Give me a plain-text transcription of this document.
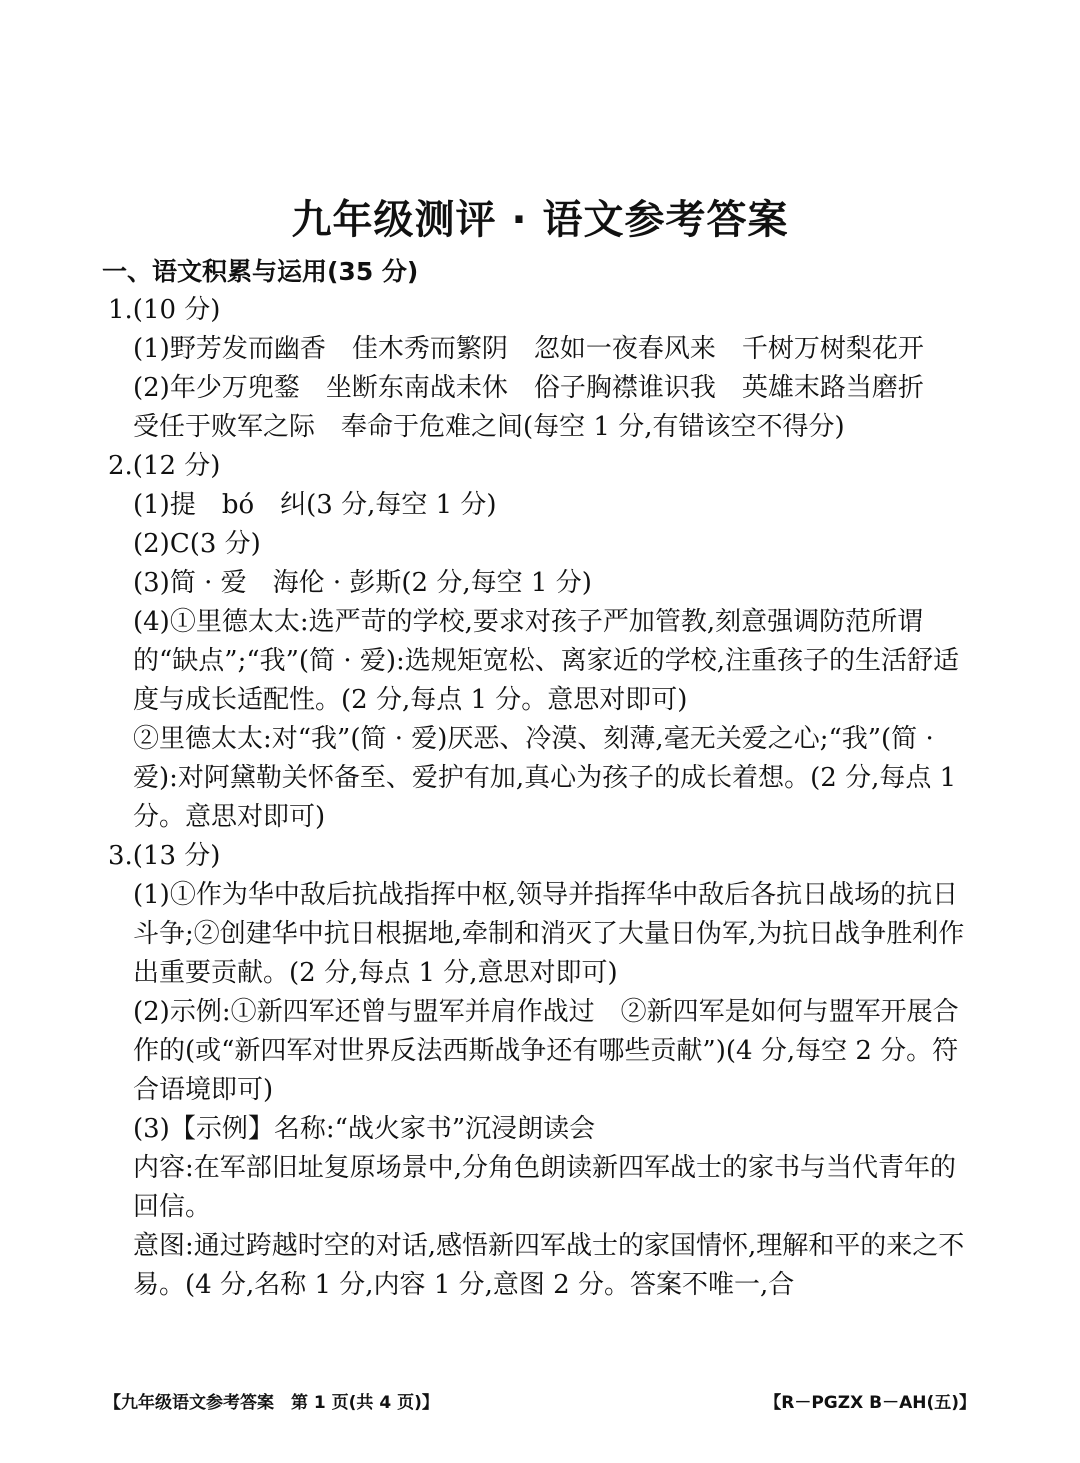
九年级测评 · 语文参考答案
一、语文积累与运用(35 分)
1.(10 分)
(1)野芳发而幽香　佳木秀而繁阴　忽如一夜春风来　千树万树梨花开
(2)年少万兜鍪　坐断东南战未休　俗子胸襟谁识我　英雄末路当磨折　受任于败军之际　奉命于危难之间(每空 1 分,有错该空不得分)
2.(12 分)
(1)提　bó　纠(3 分,每空 1 分)
(2)C(3 分)
(3)简 · 爱　海伦 · 彭斯(2 分,每空 1 分)
(4)①里德太太:选严苛的学校,要求对孩子严加管教,刻意强调防范所谓的“缺点”;“我”(简 · 爱):选规矩宽松、离家近的学校,注重孩子的生活舒适度与成长适配性。(2 分,每点 1 分。意思对即可)
②里德太太:对“我”(简 · 爱)厌恶、冷漠、刻薄,毫无关爱之心;“我”(简 · 爱):对阿黛勒关怀备至、爱护有加,真心为孩子的成长着想。(2 分,每点 1 分。意思对即可)
3.(13 分)
(1)①作为华中敌后抗战指挥中枢,领导并指挥华中敌后各抗日战场的抗日斗争;②创建华中抗日根据地,牵制和消灭了大量日伪军,为抗日战争胜利作出重要贡献。(2 分,每点 1 分,意思对即可)
(2)示例:①新四军还曾与盟军并肩作战过　②新四军是如何与盟军开展合作的(或“新四军对世界反法西斯战争还有哪些贡献”)(4 分,每空 2 分。符合语境即可)
(3)【示例】名称:“战火家书”沉浸朗读会
内容:在军部旧址复原场景中,分角色朗读新四军战士的家书与当代青年的回信。
意图:通过跨越时空的对话,感悟新四军战士的家国情怀,理解和平的来之不易。(4 分,名称 1 分,内容 1 分,意图 2 分。答案不唯一,合
【九年级语文参考答案　第 1 页(共 4 页)】	【R－PGZX B－AH(五)】
